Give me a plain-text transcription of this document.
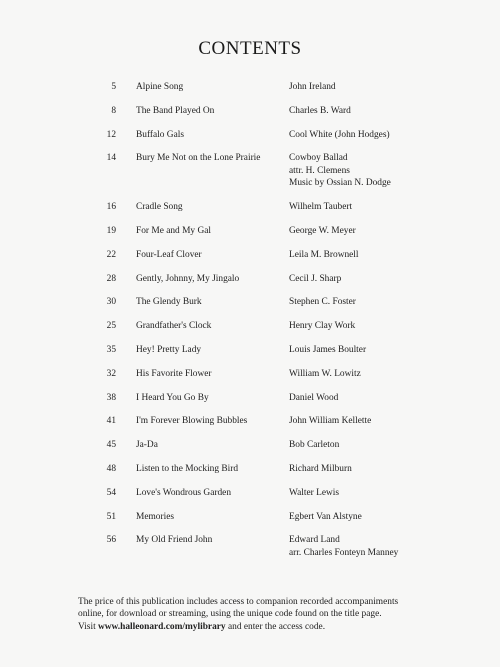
CONTENTS
5 Alpine Song	John Ireland
8 The Band Played On	Charles B. Ward
12 Buffalo Gals	Cool White (John Hodges)
14 Bury Me Not on the Lone Prairie	Cowboy Ballad
attr. H. Clemens
Music by Ossian N. Dodge
16 Cradle Song	Wilhelm Taubert
19 For Me and My Gal	George W. Meyer
22 Four-Leaf Clover	Leila M. Brownell
28 Gently, Johnny, My Jingalo	Cecil J. Sharp
30 The Glendy Burk	Stephen C. Foster
25 Grandfather's Clock	Henry Clay Work
35 Hey! Pretty Lady	Louis James Boulter
32 His Favorite Flower	William W. Lowitz
38 I Heard You Go By	Daniel Wood
41 I'm Forever Blowing Bubbles	John William Kellette
45 Ja-Da	Bob Carleton
48 Listen to the Mocking Bird	Richard Milburn
54 Love's Wondrous Garden	Walter Lewis
51 Memories	Egbert Van Alstyne
56 My Old Friend John	Edward Land
arr. Charles Fonteyn Manney
The price of this publication includes access to companion recorded accompaniments
online, for download or streaming, using the unique code found on the title page.
Visit www.halleonard.com/mylibrary and enter the access code.
